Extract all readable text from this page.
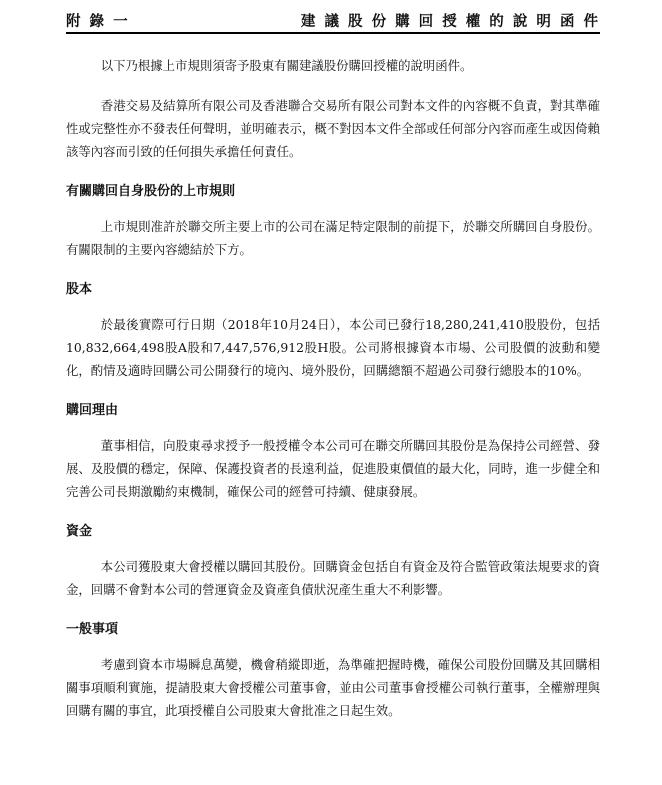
附 錄 一	建 議 股 份 購 回 授 權 的 說 明 函 件

以下乃根據上市規則須寄予股東有關建議股份購回授權的說明函件。

香港交易及結算所有限公司及香港聯合交易所有限公司對本文件的內容概不負責，對其準確性或完整性亦不發表任何聲明，並明確表示，概不對因本文件全部或任何部分內容而產生或因倚賴該等內容而引致的任何損失承擔任何責任。

有關購回自身股份的上市規則

上市規則准許於聯交所主要上市的公司在滿足特定限制的前提下，於聯交所購回自身股份。有關限制的主要內容總結於下方。

股本

於最後實際可行日期（2018年10月24日），本公司已發行18,280,241,410股股份，包括10,832,664,498股A股和7,447,576,912股H股。公司將根據資本市場、公司股價的波動和變化，酌情及適時回購公司公開發行的境內、境外股份，回購總額不超過公司發行總股本的10%。

購回理由

董事相信，向股東尋求授予一般授權令本公司可在聯交所購回其股份是為保持公司經營、發展、及股價的穩定，保障、保護投資者的長遠利益，促進股東價值的最大化，同時，進一步健全和完善公司長期激勵約束機制，確保公司的經營可持續、健康發展。

資金

本公司獲股東大會授權以購回其股份。回購資金包括自有資金及符合監管政策法規要求的資金，回購不會對本公司的營運資金及資產負債狀況產生重大不利影響。

一般事項

考慮到資本市場瞬息萬變，機會稍縱即逝，為準確把握時機，確保公司股份回購及其回購相關事項順利實施，提請股東大會授權公司董事會，並由公司董事會授權公司執行董事，全權辦理與回購有關的事宜，此項授權自公司股東大會批准之日起生效。
